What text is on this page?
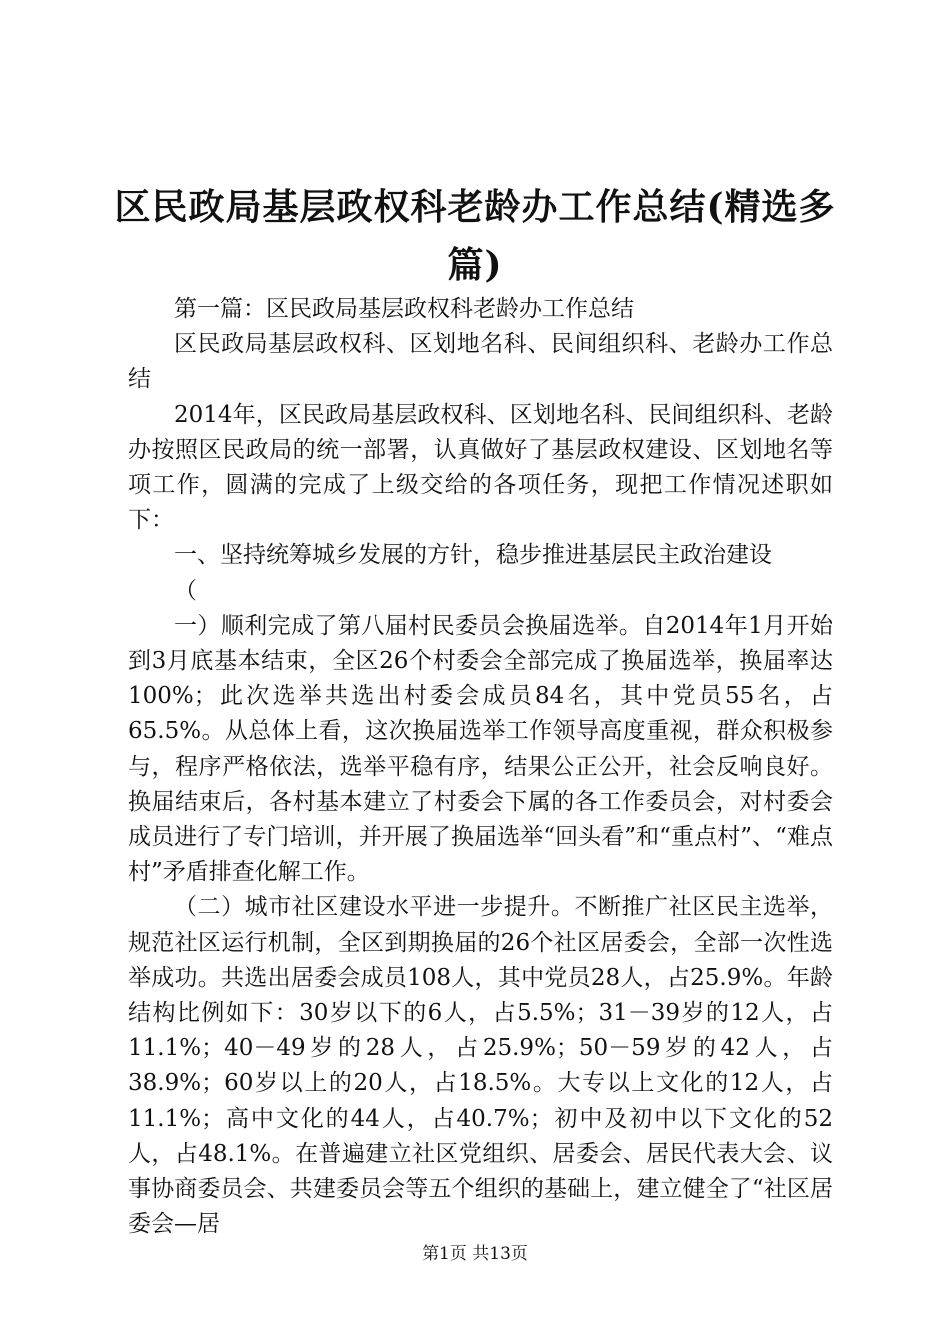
区民政局基层政权科老龄办工作总结(精选多
篇)

第一篇：区民政局基层政权科老龄办工作总结

区民政局基层政权科、区划地名科、民间组织科、老龄办工作总结

2014年，区民政局基层政权科、区划地名科、民间组织科、老龄办按照区民政局的统一部署，认真做好了基层政权建设、区划地名等项工作，圆满的完成了上级交给的各项任务，现把工作情况述职如下：

一、坚持统筹城乡发展的方针，稳步推进基层民主政治建设

（

一）顺利完成了第八届村民委员会换届选举。自2014年1月开始到3月底基本结束，全区26个村委会全部完成了换届选举，换届率达100%；此次选举共选出村委会成员84名，其中党员55名，占65.5%。从总体上看，这次换届选举工作领导高度重视，群众积极参与，程序严格依法，选举平稳有序，结果公正公开，社会反响良好。换届结束后，各村基本建立了村委会下属的各工作委员会，对村委会成员进行了专门培训，并开展了换届选举“回头看”和“重点村”、“难点村”矛盾排查化解工作。

（二）城市社区建设水平进一步提升。不断推广社区民主选举，规范社区运行机制，全区到期换届的26个社区居委会，全部一次性选举成功。共选出居委会成员108人，其中党员28人，占25.9%。年龄结构比例如下：30岁以下的6人，占5.5%；31－39岁的12人，占11.1%；40－49岁的28人，占25.9%；50－59岁的42人，占38.9%；60岁以上的20人，占18.5%。大专以上文化的12人，占11.1%；高中文化的44人，占40.7%；初中及初中以下文化的52人，占48.1%。在普遍建立社区党组织、居委会、居民代表大会、议事协商委员会、共建委员会等五个组织的基础上，建立健全了“社区居委会—居

第1页 共13页
